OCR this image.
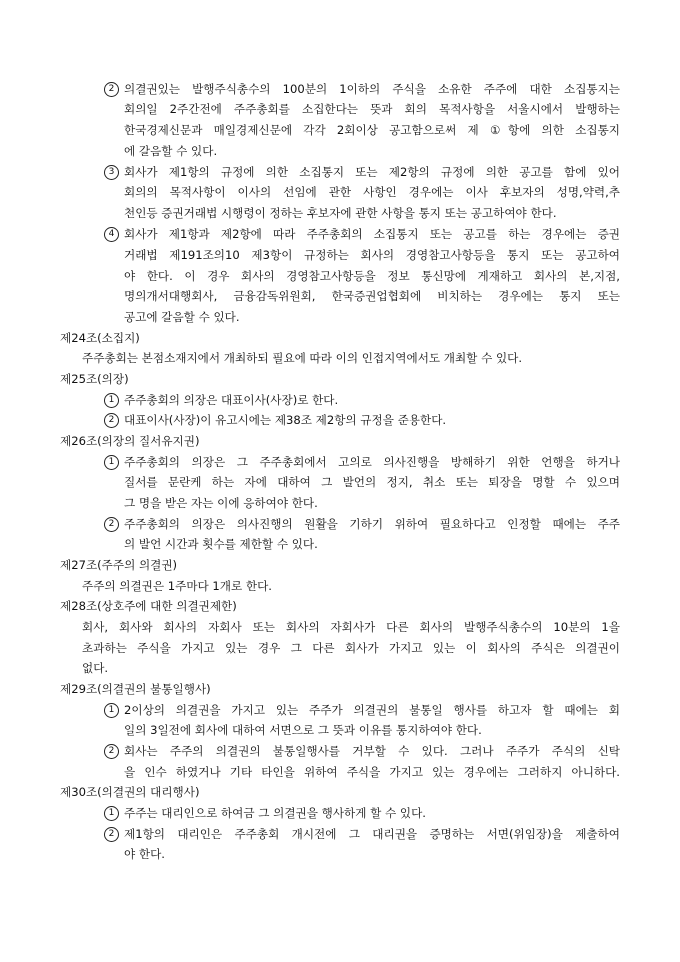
2 의결권있는 발행주식총수의 100분의 1이하의 주식을 소유한 주주에 대한 소집통지는
회의일 2주간전에 주주총회를 소집한다는 뜻과 회의 목적사항을 서울시에서 발행하는
한국경제신문과 매일경제신문에 각각 2회이상 공고함으로써 제 ①항에 의한 소집통지
에 갈음할 수 있다.
3 회사가 제1항의 규정에 의한 소집통지 또는 제2항의 규정에 의한 공고를 함에 있어
회의의 목적사항이 이사의 선임에 관한 사항인 경우에는 이사 후보자의 성명,약력,추
천인등 증권거래법 시행령이 정하는 후보자에 관한 사항을 통지 또는 공고하여야 한다.
4 회사가 제1항과 제2항에 따라 주주총회의 소집통지 또는 공고를 하는 경우에는 증권
거래법 제191조의10 제3항이 규정하는 회사의 경영참고사항등을 통지 또는 공고하여
야 한다. 이 경우 회사의 경영참고사항등을 정보 통신망에 게재하고 회사의 본,지점,
명의개서대행회사, 금융감독위원회, 한국증권업협회에 비치하는 경우에는 통지 또는
공고에 갈음할 수 있다.
제24조(소집지)
주주총회는 본점소재지에서 개최하되 필요에 따라 이의 인접지역에서도 개최할 수 있다.
제25조(의장)
1 주주총회의 의장은 대표이사(사장)로 한다.
2 대표이사(사장)이 유고시에는 제38조 제2항의 규정을 준용한다.
제26조(의장의 질서유지권)
1 주주총회의 의장은 그 주주총회에서 고의로 의사진행을 방해하기 위한 언행을 하거나
질서를 문란케 하는 자에 대하여 그 발언의 정지, 취소 또는 퇴장을 명할 수 있으며
그 명을 받은 자는 이에 응하여야 한다.
2 주주총회의 의장은 의사진행의 원활을 기하기 위하여 필요하다고 인정할 때에는 주주
의 발언 시간과 횟수를 제한할 수 있다.
제27조(주주의 의결권)
주주의 의결권은 1주마다 1개로 한다.
제28조(상호주에 대한 의결권제한)
회사, 회사와 회사의 자회사 또는 회사의 자회사가 다른 회사의 발행주식총수의 10분의 1을
초과하는 주식을 가지고 있는 경우 그 다른 회사가 가지고 있는 이 회사의 주식은 의결권이
없다.
제29조(의결권의 불통일행사)
1 2이상의 의결권을 가지고 있는 주주가 의결권의 불통일 행사를 하고자 할 때에는 회
일의 3일전에 회사에 대하여 서면으로 그 뜻과 이유를 통지하여야 한다.
2 회사는 주주의 의결권의 불통일행사를 거부할 수 있다. 그러나 주주가 주식의 신탁
을 인수 하였거나 기타 타인을 위하여 주식을 가지고 있는 경우에는 그러하지 아니하다.
제30조(의결권의 대리행사)
1 주주는 대리인으로 하여금 그 의결권을 행사하게 할 수 있다.
2 제1항의 대리인은 주주총회 개시전에 그 대리권을 증명하는 서면(위임장)을 제출하여
야 한다.
